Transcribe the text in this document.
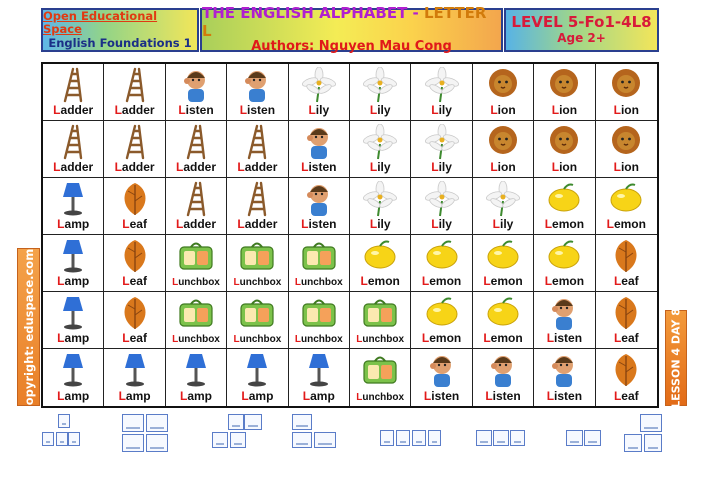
Open Educational Space
English Foundations 1
THE ENGLISH ALPHABET - LETTER L
Authors: Nguyen Mau Cong
LEVEL 5-Fo1-4L8
Age 2+
@Copyright: eduspace.com.vn	LESSON 4 DAY 8
Ladder Ladder Listen Listen	Lily	Lily	Lily	Lion	Lion	Lion
Ladder Ladder Ladder Ladder Listen	Lily	Lily	Lion	Lion	Lion
Lamp	Leaf Ladder Ladder Listen	Lily	Lily	Lily	Lemon Lemon
Lamp	Leaf	Lunchbox Lunchbox Lunchbox Lemon Lemon Lemon Lemon Leaf
Lamp	Leaf	Lunchbox Lunchbox Lunchbox Lunchbox Lemon Lemon Listen	Leaf
Lamp Lamp Lamp Lamp Lamp Lunchbox Listen Listen Listen	Leaf
